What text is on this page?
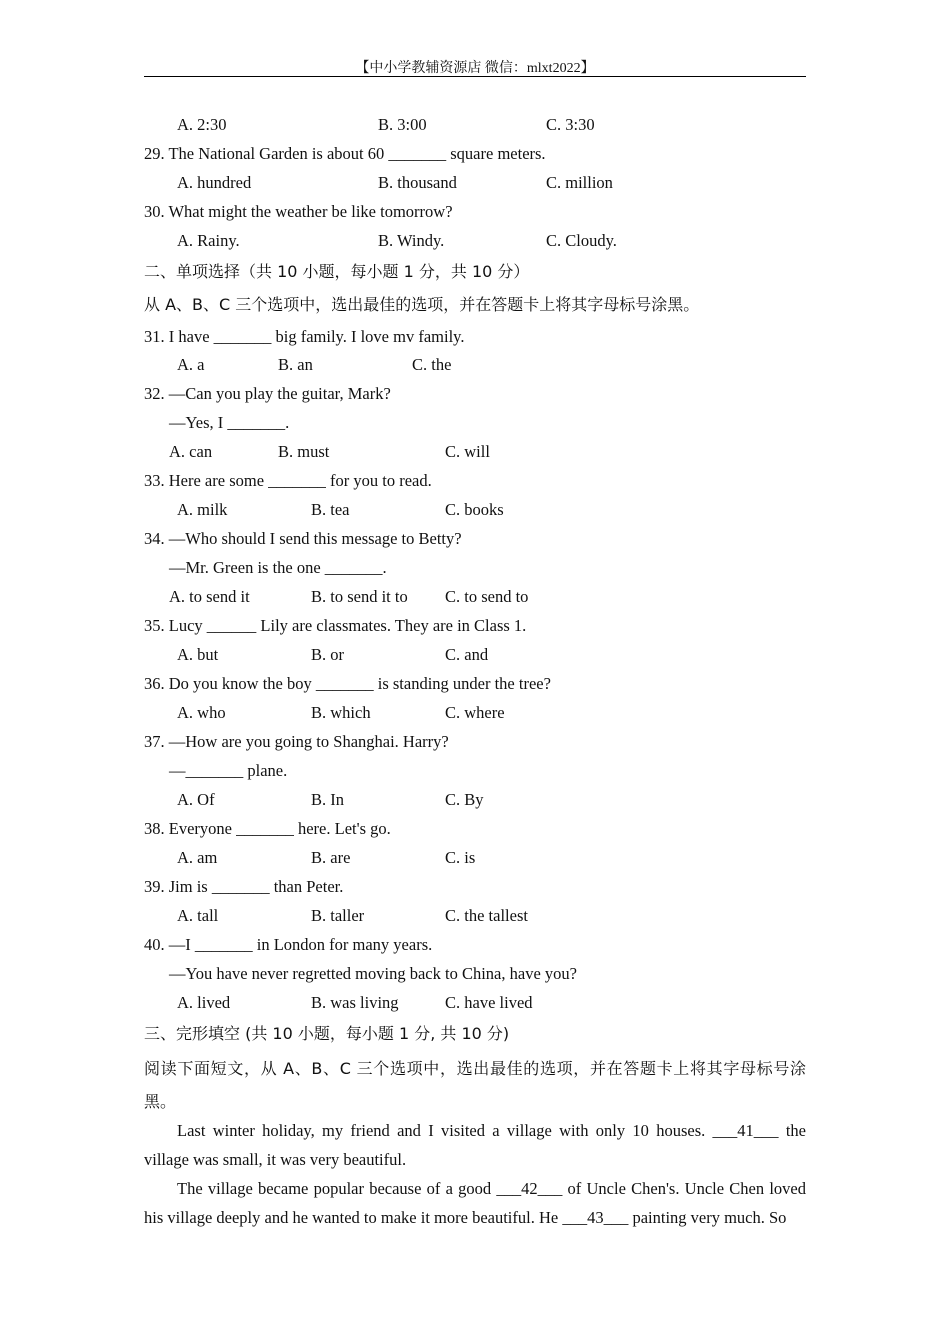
【中小学教辅资源店 微信：mlxt2022】
A. 2:30	B. 3:00	C. 3:30
29. The National Garden is about 60 _______ square meters.
A. hundred	B. thousand	C. million
30. What might the weather be like tomorrow?
A. Rainy.	B. Windy.	C. Cloudy.
二、单项选择（共 10 小题，每小题 1 分，共 10 分）
从 A、B、C 三个选项中，选出最佳的选项，并在答题卡上将其字母标号涂黑。
31. I have _______ big family. I love mv family.
A. a	B. an	C. the
32. —Can you play the guitar, Mark?
—Yes, I _______.
A. can	B. must	C. will
33. Here are some _______ for you to read.
A. milk	B. tea	C. books
34. —Who should I send this message to Betty?
—Mr. Green is the one _______.
A. to send it	B. to send it to C. to send to
35. Lucy ______ Lily are classmates. They are in Class 1.
A. but	B. or	C. and
36. Do you know the boy _______ is standing under the tree?
A. who	B. which	C. where
37. —How are you going to Shanghai. Harry?
—_______ plane.
A. Of	B. In	C. By
38. Everyone _______ here. Let's go.
A. am	B. are	C. is
39. Jim is _______ than Peter.
A. tall	B. taller	C. the tallest
40. —I _______ in London for many years.
—You have never regretted moving back to China, have you?
A. lived	B. was living	C. have lived
三、完形填空 (共 10 小题，每小题 1 分, 共 10 分)
阅读下面短文，从 A、B、C 三个选项中，选出最佳的选项，并在答题卡上将其字母标号涂黑。

Last winter holiday, my friend and I visited a village with only 10 houses. ___41___ the village was small, it was very beautiful.

The village became popular because of a good ___42___ of Uncle Chen's. Uncle Chen loved his village deeply and he wanted to make it more beautiful. He ___43___ painting very much. So
